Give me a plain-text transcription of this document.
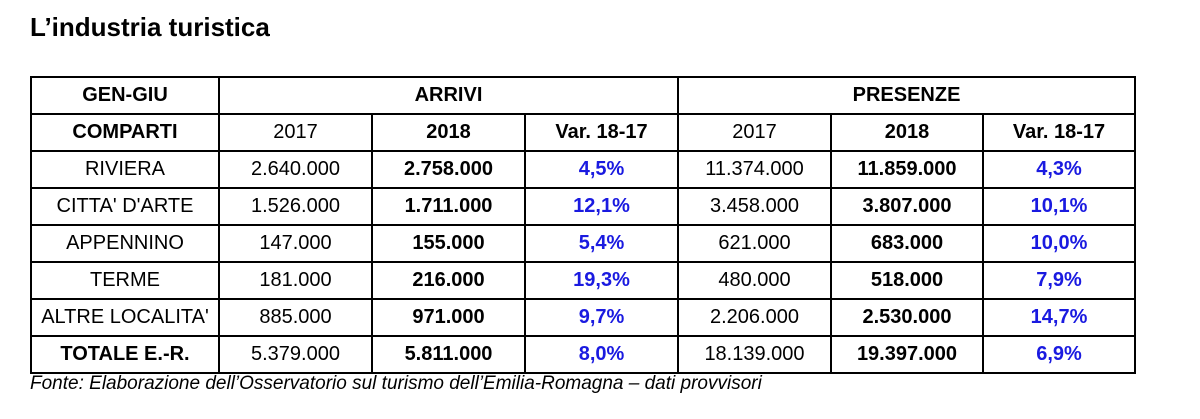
L’industria turistica
GEN-GIU	ARRIVI			PRESENZE		
COMPARTI	2017	2018	Var. 18-17	2017	2018	Var. 18-17
RIVIERA	2.640.000	2.758.000	4,5%	11.374.000	11.859.000	4,3%
CITTA' D'ARTE	1.526.000	1.711.000	12,1%	3.458.000	3.807.000	10,1%
APPENNINO	147.000	155.000	5,4%	621.000	683.000	10,0%
TERME	181.000	216.000	19,3%	480.000	518.000	7,9%
ALTRE LOCALITA'	885.000	971.000	9,7%	2.206.000	2.530.000	14,7%
TOTALE E.-R.	5.379.000	5.811.000	8,0%	18.139.000	19.397.000	6,9%
Fonte: Elaborazione dell’Osservatorio sul turismo dell’Emilia-Romagna – dati provvisori
